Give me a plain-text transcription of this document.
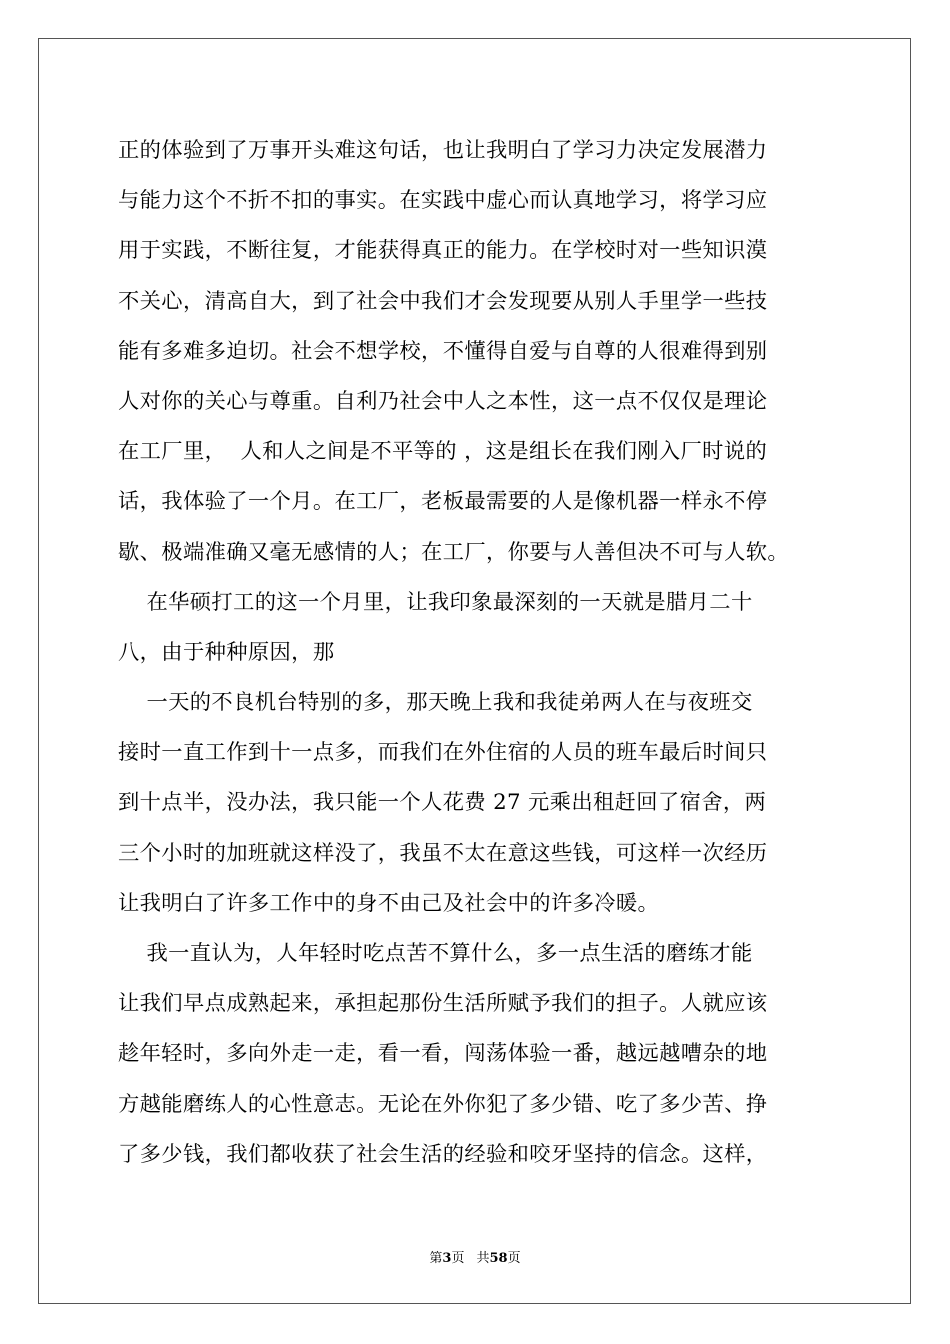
正的体验到了万事开头难这句话，也让我明白了学习力决定发展潜力
与能力这个不折不扣的事实。在实践中虚心而认真地学习，将学习应
用于实践，不断往复，才能获得真正的能力。在学校时对一些知识漠
不关心，清高自大，到了社会中我们才会发现要从别人手里学一些技
能有多难多迫切。社会不想学校，不懂得自爱与自尊的人很难得到别
人对你的关心与尊重。自利乃社会中人之本性，这一点不仅仅是理论
在工厂里，  人和人之间是不平等的 ，这是组长在我们刚入厂时说的
话，我体验了一个月。在工厂，老板最需要的人是像机器一样永不停
歇、极端准确又毫无感情的人；在工厂，你要与人善但决不可与人软。
在华硕打工的这一个月里，让我印象最深刻的一天就是腊月二十
八，由于种种原因，那
一天的不良机台特别的多，那天晚上我和我徒弟两人在与夜班交
接时一直工作到十一点多，而我们在外住宿的人员的班车最后时间只
到十点半，没办法，我只能一个人花费 27 元乘出租赶回了宿舍，两
三个小时的加班就这样没了，我虽不太在意这些钱，可这样一次经历
让我明白了许多工作中的身不由己及社会中的许多冷暖。
我一直认为，人年轻时吃点苦不算什么，多一点生活的磨练才能
让我们早点成熟起来，承担起那份生活所赋予我们的担子。人就应该
趁年轻时，多向外走一走，看一看，闯荡体验一番，越远越嘈杂的地
方越能磨练人的心性意志。无论在外你犯了多少错、吃了多少苦、挣
了多少钱，我们都收获了社会生活的经验和咬牙坚持的信念。这样，
第3页 共58页
